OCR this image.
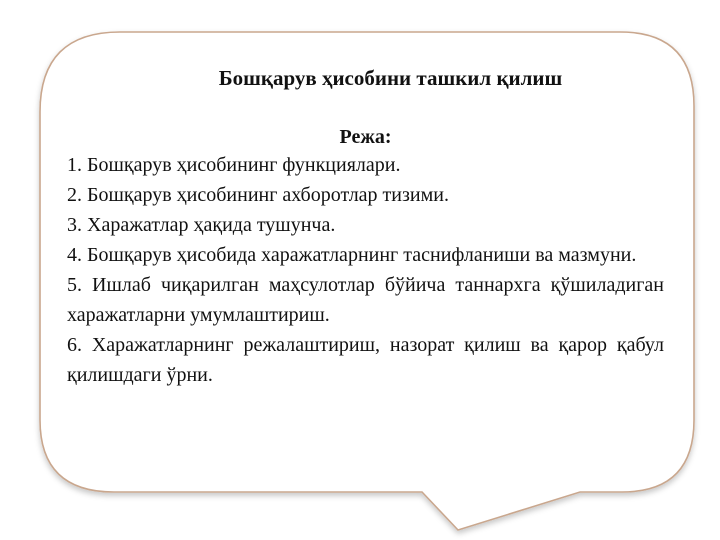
Бошқарув ҳисобини ташкил қилиш
Режа:
1. Бошқарув ҳисобининг функциялари.
2. Бошқарув ҳисобининг ахборотлар тизими.
3. Харажатлар ҳақида тушунча.
4. Бошқарув ҳисобида харажатларнинг таснифланиши ва мазмуни.
5. Ишлаб чиқарилган маҳсулотлар бўйича таннархга қўшиладиган харажатларни умумлаштириш.
6. Харажатларнинг режалаштириш, назорат қилиш ва қарор қабул қилишдаги ўрни.
